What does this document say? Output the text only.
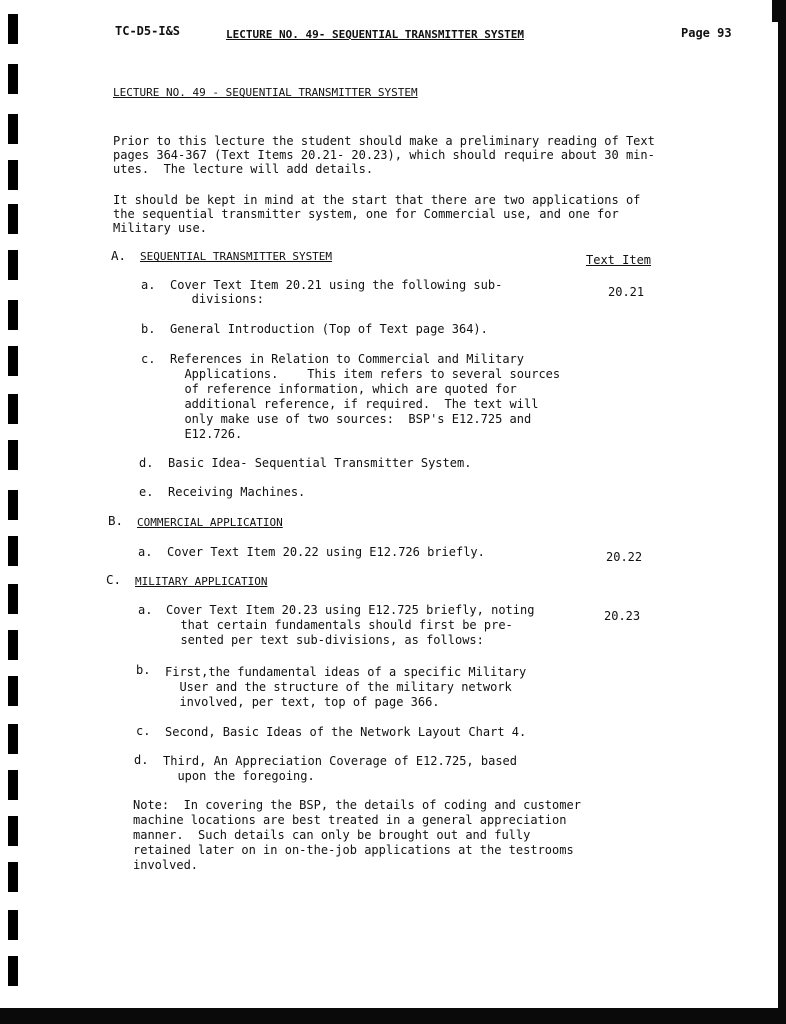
TC-D5-I&S	LECTURE NO. 49- SEQUENTIAL TRANSMITTER SYSTEM	Page 93
LECTURE NO. 49 - SEQUENTIAL TRANSMITTER SYSTEM
Prior to this lecture the student should make a preliminary reading of Text
pages 364-367 (Text Items 20.21- 20.23), which should require about 30 min-
utes.  The lecture will add details.
It should be kept in mind at the start that there are two applications of
the sequential transmitter system, one for Commercial use, and one for
Military use.
A. SEQUENTIAL TRANSMITTER SYSTEM	Text Item
a. Cover Text Item 20.21 using the following sub-
divisions:	20.21
b. General Introduction (Top of Text page 364).
c. References in Relation to Commercial and Military
Applications.    This item refers to several sources
of reference information, which are quoted for
additional reference, if required.  The text will
only make use of two sources:  BSP's E12.725 and
E12.726.
d. Basic Idea- Sequential Transmitter System.
e. Receiving Machines.
B. COMMERCIAL APPLICATION
a. Cover Text Item 20.22 using E12.726 briefly.	20.22
C. MILITARY APPLICATION
a. Cover Text Item 20.23 using E12.725 briefly, noting
that certain fundamentals should first be pre-
sented per text sub-divisions, as follows:
20.23
b. First,the fundamental ideas of a specific Military
User and the structure of the military network
involved, per text, top of page 366.
c. Second, Basic Ideas of the Network Layout Chart 4.
d. Third, An Appreciation Coverage of E12.725, based
upon the foregoing.
Note:  In covering the BSP, the details of coding and customer
machine locations are best treated in a general appreciation
manner.  Such details can only be brought out and fully
retained later on in on-the-job applications at the testrooms
involved.
